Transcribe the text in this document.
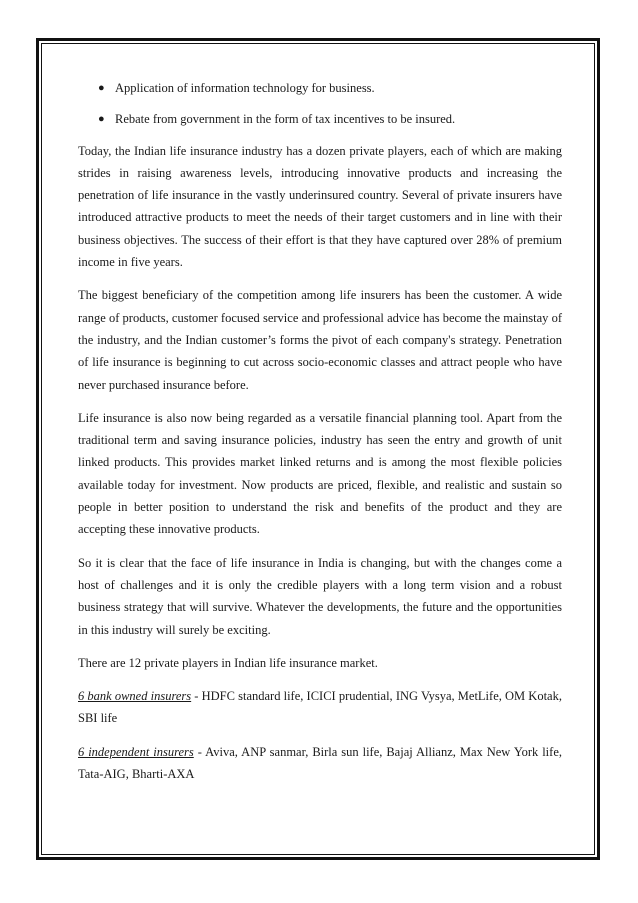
● Application of information technology for business.
● Rebate from government in the form of tax incentives to be insured.

Today, the Indian life insurance industry has a dozen private players, each of which are making strides in raising awareness levels, introducing innovative products and increasing the penetration of life insurance in the vastly underinsured country. Several of private insurers have introduced attractive products to meet the needs of their target customers and in line with their business objectives. The success of their effort is that they have captured over 28% of premium income in five years.

The biggest beneficiary of the competition among life insurers has been the customer. A wide range of products, customer focused service and professional advice has become the mainstay of the industry, and the Indian customer’s forms the pivot of each company's strategy. Penetration of life insurance is beginning to cut across socio-economic classes and attract people who have never purchased insurance before.

Life insurance is also now being regarded as a versatile financial planning tool. Apart from the traditional term and saving insurance policies, industry has seen the entry and growth of unit linked products. This provides market linked returns and is among the most flexible policies available today for investment. Now products are priced, flexible, and realistic and sustain so people in better position to understand the risk and benefits of the product and they are accepting these innovative products.

So it is clear that the face of life insurance in India is changing, but with the changes come a host of challenges and it is only the credible players with a long term vision and a robust business strategy that will survive. Whatever the developments, the future and the opportunities in this industry will surely be exciting.

There are 12 private players in Indian life insurance market.

6 bank owned insurers - HDFC standard life, ICICI prudential, ING Vysya, MetLife, OM Kotak, SBI life

6 independent insurers - Aviva, ANP sanmar, Birla sun life, Bajaj Allianz, Max New York life, Tata-AIG, Bharti-AXA
